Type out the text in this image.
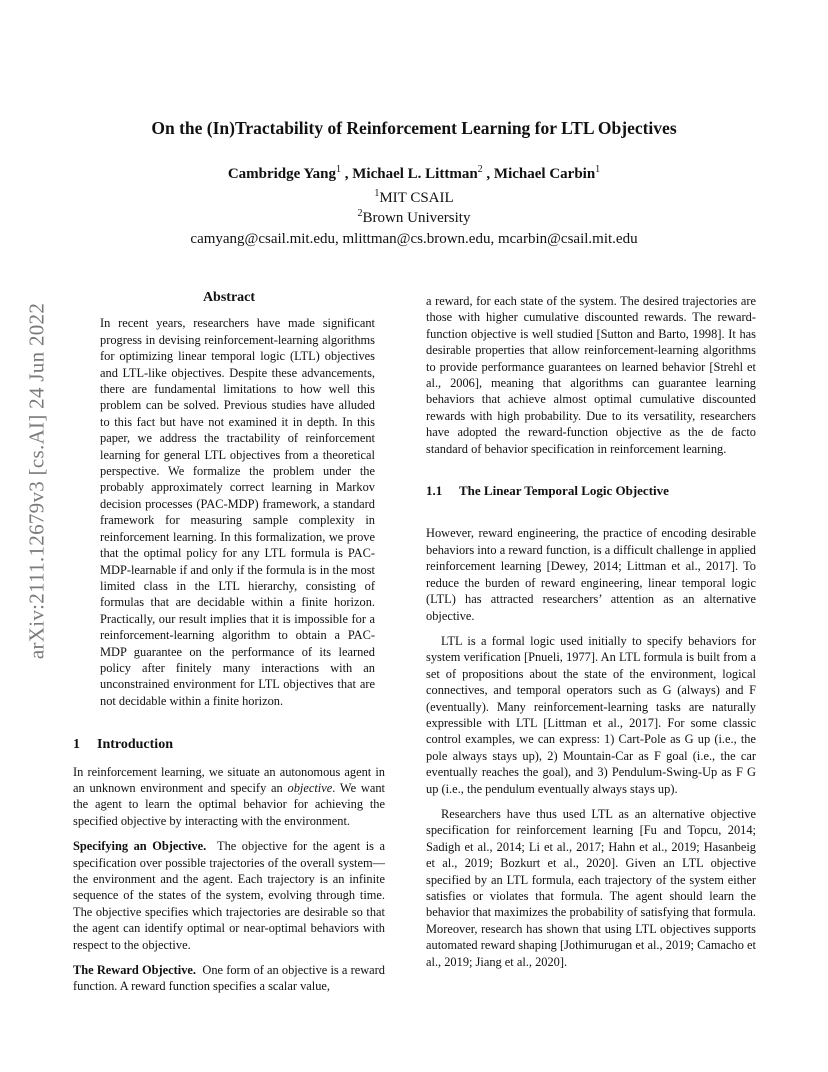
arXiv:2111.12679v3 [cs.AI] 24 Jun 2022
On the (In)Tractability of Reinforcement Learning for LTL Objectives
Cambridge Yang$^1$ , Michael L. Littman$^2$ , Michael Carbin$^1$
$^1$MIT CSAIL
$^2$Brown University
camyang@csail.mit.edu, mlittman@cs.brown.edu, mcarbin@csail.mit.edu
Abstract

In recent years, researchers have made significant progress in devising reinforcement-learning algorithms for optimizing linear temporal logic (LTL) objectives and LTL-like objectives. Despite these advancements, there are fundamental limitations to how well this problem can be solved. Previous studies have alluded to this fact but have not examined it in depth. In this paper, we address the tractability of reinforcement learning for general LTL objectives from a theoretical perspective. We formalize the problem under the probably approximately correct learning in Markov decision processes (PAC-MDP) framework, a standard framework for measuring sample complexity in reinforcement learning. In this formalization, we prove that the optimal policy for any LTL formula is PAC-MDP-learnable if and only if the formula is in the most limited class in the LTL hierarchy, consisting of formulas that are decidable within a finite horizon. Practically, our result implies that it is impossible for a reinforcement-learning algorithm to obtain a PAC-MDP guarantee on the performance of its learned policy after finitely many interactions with an unconstrained environment for LTL objectives that are not decidable within a finite horizon.

1 Introduction

In reinforcement learning, we situate an autonomous agent in an unknown environment and specify an objective. We want the agent to learn the optimal behavior for achieving the specified objective by interacting with the environment.

Specifying an Objective. The objective for the agent is a specification over possible trajectories of the overall system—the environment and the agent. Each trajectory is an infinite sequence of the states of the system, evolving through time. The objective specifies which trajectories are desirable so that the agent can identify optimal or near-optimal behaviors with respect to the objective.

The Reward Objective. One form of an objective is a reward function. A reward function specifies a scalar value,

a reward, for each state of the system. The desired trajectories are those with higher cumulative discounted rewards. The reward-function objective is well studied [Sutton and Barto, 1998]. It has desirable properties that allow reinforcement-learning algorithms to provide performance guarantees on learned behavior [Strehl et al., 2006], meaning that algorithms can guarantee learning behaviors that achieve almost optimal cumulative discounted rewards with high probability. Due to its versatility, researchers have adopted the reward-function objective as the de facto standard of behavior specification in reinforcement learning.

1.1 The Linear Temporal Logic Objective

However, reward engineering, the practice of encoding desirable behaviors into a reward function, is a difficult challenge in applied reinforcement learning [Dewey, 2014; Littman et al., 2017]. To reduce the burden of reward engineering, linear temporal logic (LTL) has attracted researchers’ attention as an alternative objective.

LTL is a formal logic used initially to specify behaviors for system verification [Pnueli, 1977]. An LTL formula is built from a set of propositions about the state of the environment, logical connectives, and temporal operators such as G (always) and F (eventually). Many reinforcement-learning tasks are naturally expressible with LTL [Littman et al., 2017]. For some classic control examples, we can express: 1) Cart-Pole as G up (i.e., the pole always stays up), 2) Mountain-Car as F goal (i.e., the car eventually reaches the goal), and 3) Pendulum-Swing-Up as F G up (i.e., the pendulum eventually always stays up).

Researchers have thus used LTL as an alternative objective specification for reinforcement learning [Fu and Topcu, 2014; Sadigh et al., 2014; Li et al., 2017; Hahn et al., 2019; Hasanbeig et al., 2019; Bozkurt et al., 2020]. Given an LTL objective specified by an LTL formula, each trajectory of the system either satisfies or violates that formula. The agent should learn the behavior that maximizes the probability of satisfying that formula. Moreover, research has shown that using LTL objectives supports automated reward shaping [Jothimurugan et al., 2019; Camacho et al., 2019; Jiang et al., 2020].
